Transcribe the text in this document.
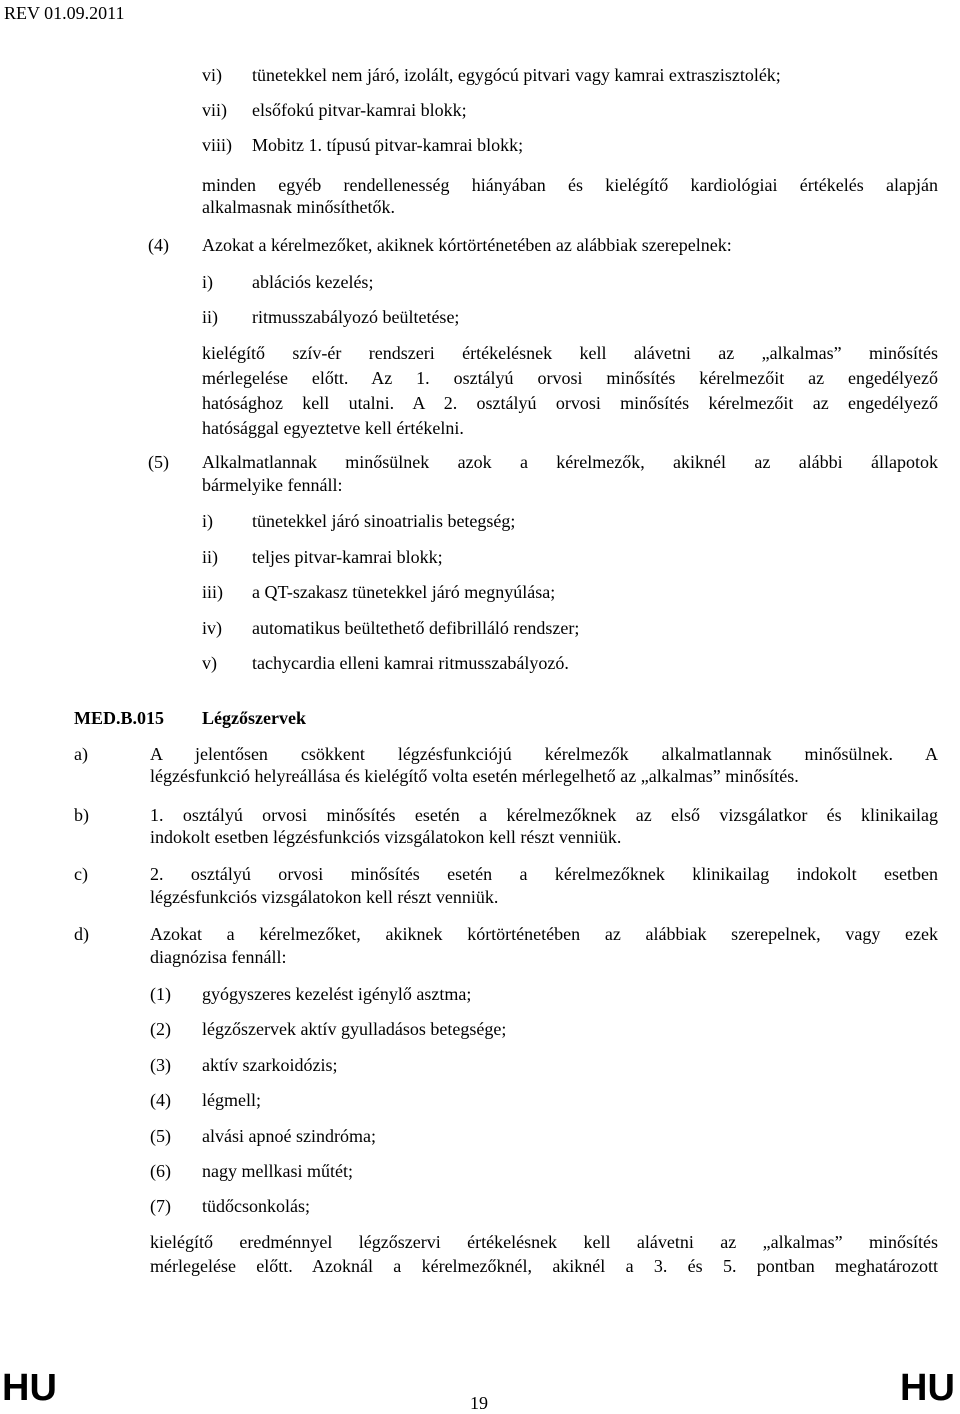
REV 01.09.2011
vi) tünetekkel nem járó, izolált, egygócú pitvari vagy kamrai extraszisztolék;
vii) elsőfokú pitvar-kamrai blokk;
viii) Mobitz 1. típusú pitvar-kamrai blokk;
minden egyéb rendellenesség hiányában és kielégítő kardiológiai értékelés alapján
alkalmasnak minősíthetők.
(4) Azokat a kérelmezőket, akiknek kórtörténetében az alábbiak szerepelnek:
i) ablációs kezelés;
ii) ritmusszabályozó beültetése;
kielégítő szív-ér rendszeri értékelésnek kell alávetni az „alkalmas” minősítés
mérlegelése előtt. Az 1. osztályú orvosi minősítés kérelmezőit az engedélyező
hatósághoz kell utalni. A 2. osztályú orvosi minősítés kérelmezőit az engedélyező
hatósággal egyeztetve kell értékelni.
(5) Alkalmatlannak minősülnek azok a kérelmezők, akiknél az alábbi állapotok
bármelyike fennáll:
i) tünetekkel járó sinoatrialis betegség;
ii) teljes pitvar-kamrai blokk;
iii) a QT-szakasz tünetekkel járó megnyúlása;
iv) automatikus beültethető defibrilláló rendszer;
v) tachycardia elleni kamrai ritmusszabályozó.
MED.B.015 Légzőszervek
a)	A jelentősen csökkent légzésfunkciójú kérelmezők alkalmatlannak minősülnek. A
légzésfunkció helyreállása és kielégítő volta esetén mérlegelhető az „alkalmas” minősítés.
b)	1. osztályú orvosi minősítés esetén a kérelmezőknek az első vizsgálatkor és klinikailag
indokolt esetben légzésfunkciós vizsgálatokon kell részt venniük.
c)	2. osztályú orvosi minősítés esetén a kérelmezőknek klinikailag indokolt esetben
légzésfunkciós vizsgálatokon kell részt venniük.
d)	Azokat a kérelmezőket, akiknek kórtörténetében az alábbiak szerepelnek, vagy ezek
diagnózisa fennáll:
(1) gyógyszeres kezelést igénylő asztma;
(2) légzőszervek aktív gyulladásos betegsége;
(3) aktív szarkoidózis;
(4) légmell;
(5) alvási apnoé szindróma;
(6) nagy mellkasi műtét;
(7) tüdőcsonkolás;
kielégítő eredménnyel légzőszervi értékelésnek kell alávetni az „alkalmas” minősítés
mérlegelése előtt. Azoknál a kérelmezőknél, akiknél a 3. és 5. pontban meghatározott
HU	19	HU
